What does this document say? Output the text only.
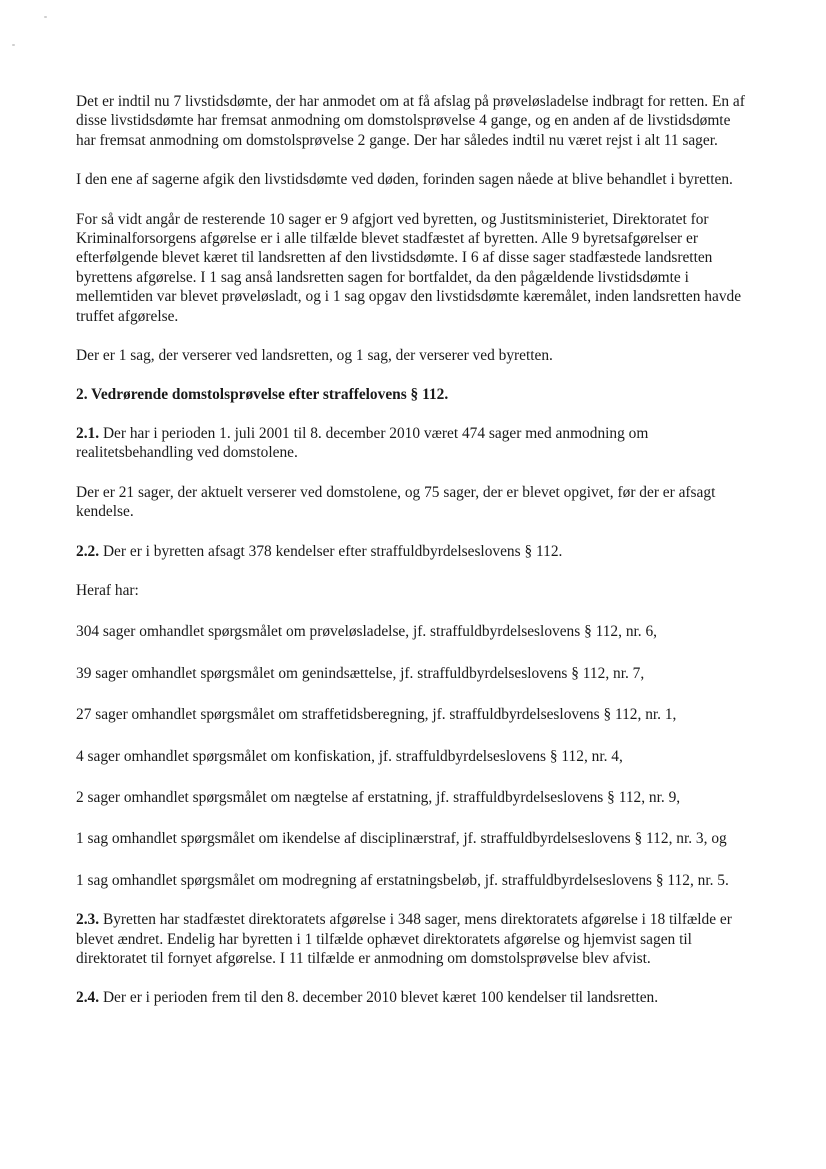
Det er indtil nu 7 livstidsdømte, der har anmodet om at få afslag på prøveløsladelse indbragt for retten. En af disse livstidsdømte har fremsat anmodning om domstolsprøvelse 4 gange, og en anden af de livstidsdømte har fremsat anmodning om domstolsprøvelse 2 gange. Der har således indtil nu været rejst i alt 11 sager.

I den ene af sagerne afgik den livstidsdømte ved døden, forinden sagen nåede at blive behandlet i byretten.

For så vidt angår de resterende 10 sager er 9 afgjort ved byretten, og Justitsministeriet, Direktoratet for Kriminalforsorgens afgørelse er i alle tilfælde blevet stadfæstet af byretten. Alle 9 byretsafgørelser er efterfølgende blevet kæret til landsretten af den livstidsdømte. I 6 af disse sager stadfæstede landsretten byrettens afgørelse. I 1 sag anså landsretten sagen for bortfaldet, da den pågældende livstidsdømte i mellemtiden var blevet prøveløsladt, og i 1 sag opgav den livstidsdømte kæremålet, inden landsretten havde truffet afgørelse.

Der er 1 sag, der verserer ved landsretten, og 1 sag, der verserer ved byretten.

2. Vedrørende domstolsprøvelse efter straffelovens § 112.

2.1. Der har i perioden 1. juli 2001 til 8. december 2010 været 474 sager med anmodning om realitetsbehandling ved domstolene.

Der er 21 sager, der aktuelt verserer ved domstolene, og 75 sager, der er blevet opgivet, før der er afsagt kendelse.

2.2. Der er i byretten afsagt 378 kendelser efter straffuldbyrdelseslovens § 112.

Heraf har:

304 sager omhandlet spørgsmålet om prøveløsladelse, jf. straffuldbyrdelseslovens § 112, nr. 6,

39 sager omhandlet spørgsmålet om genindsættelse, jf. straffuldbyrdelseslovens § 112, nr. 7,

27 sager omhandlet spørgsmålet om straffetidsberegning, jf. straffuldbyrdelseslovens § 112, nr. 1,

4 sager omhandlet spørgsmålet om konfiskation, jf. straffuldbyrdelseslovens § 112, nr. 4,

2 sager omhandlet spørgsmålet om nægtelse af erstatning, jf. straffuldbyrdelseslovens § 112, nr. 9,

1 sag omhandlet spørgsmålet om ikendelse af disciplinærstraf, jf. straffuldbyrdelseslovens § 112, nr. 3, og

1 sag omhandlet spørgsmålet om modregning af erstatningsbeløb, jf. straffuldbyrdelseslovens § 112, nr. 5.

2.3. Byretten har stadfæstet direktoratets afgørelse i 348 sager, mens direktoratets afgørelse i 18 tilfælde er blevet ændret. Endelig har byretten i 1 tilfælde ophævet direktoratets afgørelse og hjemvist sagen til direktoratet til fornyet afgørelse. I 11 tilfælde er anmodning om domstolsprøvelse blev afvist.

2.4. Der er i perioden frem til den 8. december 2010 blevet kæret 100 kendelser til landsretten.
